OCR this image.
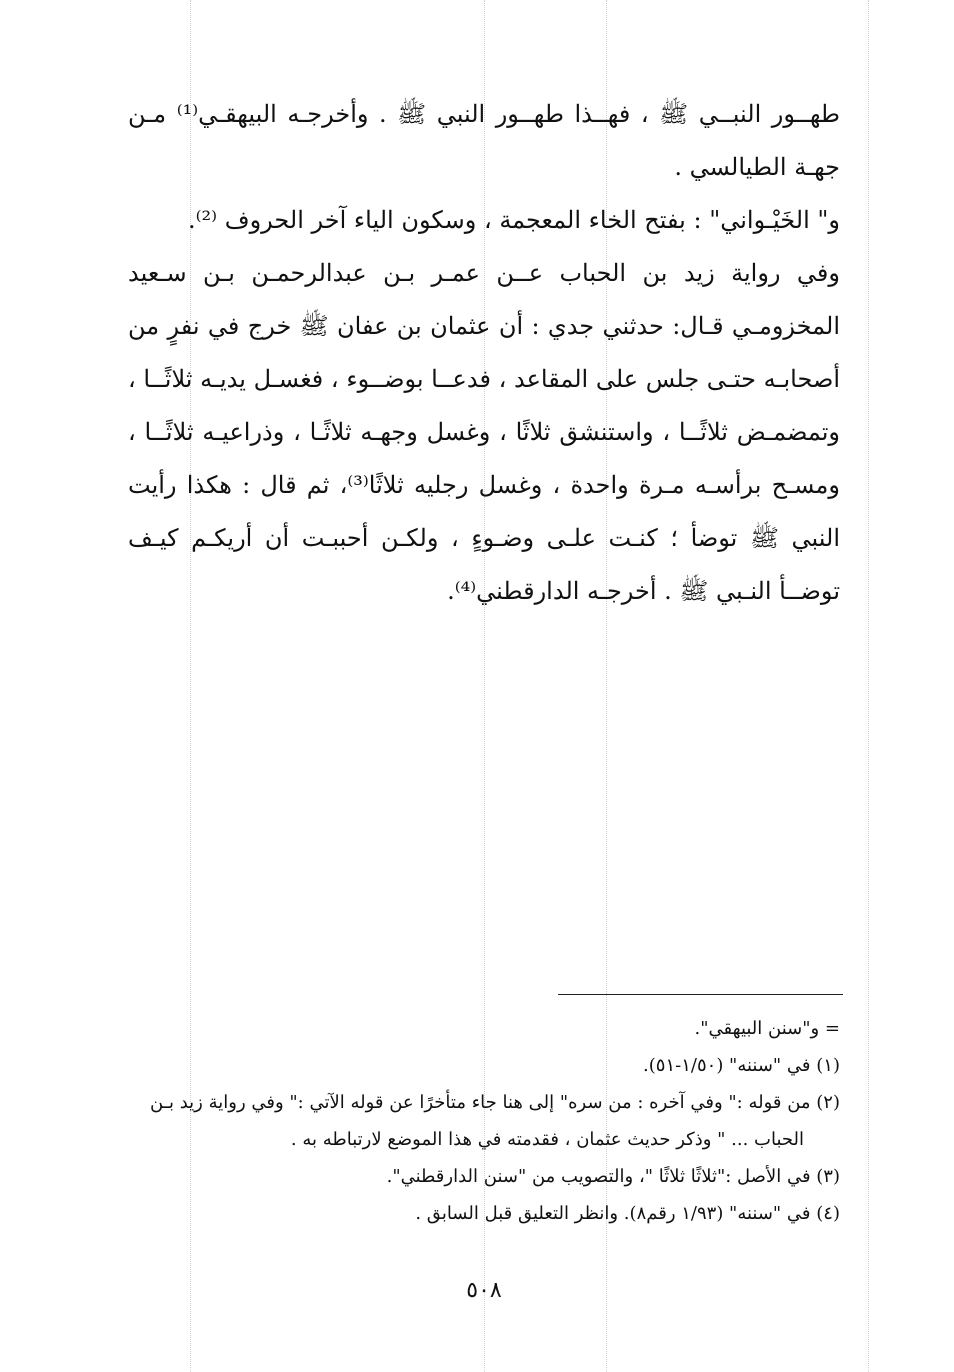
طهــور النبــي ﷺ ، فهــذا طهــور النبي ﷺ . وأخرجـه البيهقـي⁽¹⁾ مـن جهـة الطيالسي .

و" الخَيْـواني" : بفتح الخاء المعجمة ، وسكون الياء آخر الحروف ⁽²⁾.

وفي رواية زيد بن الحباب عــن عمـر بـن عبدالرحمـن بـن سـعيد المخزومـي قـال: حدثني جدي : أن عثمان بن عفان ﷺ خرج في نفرٍ من أصحابـه حتـى جلس على المقاعد ، فدعــا بوضــوء ، فغسـل يديـه ثلاثًــا ، وتمضمـض ثلاثًــا ، واستنشق ثلاثًا ، وغسل وجهـه ثلاثًـا ، وذراعيـه ثلاثًــا ، ومسـح برأسـه مـرة واحدة ، وغسل رجليه ثلاثًا⁽³⁾، ثم قال : هكذا رأيت النبي ﷺ توضأ ؛ كنـت علـى وضـوءٍ ، ولكـن أحببـت أن أريكـم كيـف توضــأ النـبي ﷺ . أخرجـه الدارقطني⁽⁴⁾.

= و"سنن البيهقي".

(١) في "سننه" (١/٥٠-٥١).

(٢) من قوله :" وفي آخره : من سره" إلى هنا جاء متأخرًا عن قوله الآتي :" وفي رواية زيد بـن

الحباب ... " وذكر حديث عثمان ، فقدمته في هذا الموضع لارتباطه به .

(٣) في الأصل :"ثلاثًا ثلاثًا "، والتصويب من "سنن الدارقطني".

(٤) في "سننه" (١/٩٣ رقم٨). وانظر التعليق قبل السابق .

٥٠٨
